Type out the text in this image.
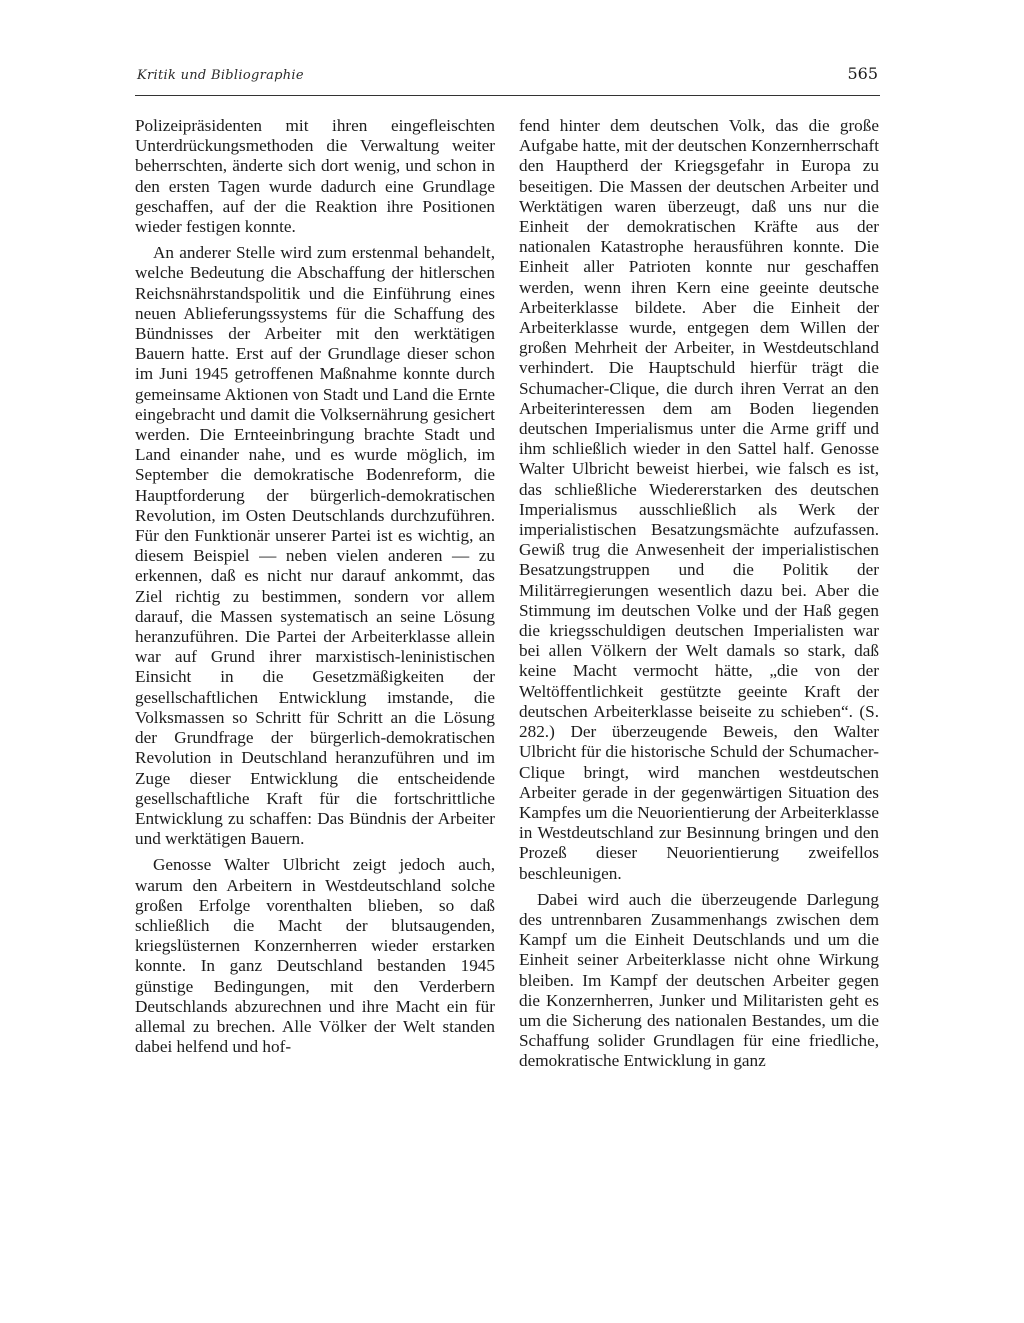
Kritik und Bibliographie	565

Polizeipräsidenten mit ihren eingefleischten Unterdrückungsmethoden die Verwaltung weiter beherrschten, änderte sich dort wenig, und schon in den ersten Tagen wurde dadurch eine Grundlage geschaffen, auf der die Reaktion ihre Positionen wieder festigen konnte.

An anderer Stelle wird zum erstenmal behandelt, welche Bedeutung die Abschaffung der hitlerschen Reichsnährstandspolitik und die Einführung eines neuen Ablieferungssystems für die Schaffung des Bündnisses der Arbeiter mit den werktätigen Bauern hatte. Erst auf der Grundlage dieser schon im Juni 1945 getroffenen Maßnahme konnte durch gemeinsame Aktionen von Stadt und Land die Ernte eingebracht und damit die Volksernährung gesichert werden. Die Ernteeinbringung brachte Stadt und Land einander nahe, und es wurde möglich, im September die demokratische Bodenreform, die Hauptforderung der bürgerlich-demokratischen Revolution, im Osten Deutschlands durchzuführen. Für den Funktionär unserer Partei ist es wichtig, an diesem Beispiel — neben vielen anderen — zu erkennen, daß es nicht nur darauf ankommt, das Ziel richtig zu bestimmen, sondern vor allem darauf, die Massen systematisch an seine Lösung heranzuführen. Die Partei der Arbeiterklasse allein war auf Grund ihrer marxistisch-leninistischen Einsicht in die Gesetzmäßigkeiten der gesellschaftlichen Entwicklung imstande, die Volksmassen so Schritt für Schritt an die Lösung der Grundfrage der bürgerlich-demokratischen Revolution in Deutschland heranzuführen und im Zuge dieser Entwicklung die entscheidende gesellschaftliche Kraft für die fortschrittliche Entwicklung zu schaffen: Das Bündnis der Arbeiter und werktätigen Bauern.

Genosse Walter Ulbricht zeigt jedoch auch, warum den Arbeitern in Westdeutschland solche großen Erfolge vorenthalten blieben, so daß schließlich die Macht der blutsaugenden, kriegslüsternen Konzernherren wieder erstarken konnte. In ganz Deutschland bestanden 1945 günstige Bedingungen, mit den Verderbern Deutschlands abzurechnen und ihre Macht ein für allemal zu brechen. Alle Völker der Welt standen dabei helfend und hof-

fend hinter dem deutschen Volk, das die große Aufgabe hatte, mit der deutschen Konzernherrschaft den Hauptherd der Kriegsgefahr in Europa zu beseitigen. Die Massen der deutschen Arbeiter und Werktätigen waren überzeugt, daß uns nur die Einheit der demokratischen Kräfte aus der nationalen Katastrophe herausführen konnte. Die Einheit aller Patrioten konnte nur geschaffen werden, wenn ihren Kern eine geeinte deutsche Arbeiterklasse bildete. Aber die Einheit der Arbeiterklasse wurde, entgegen dem Willen der großen Mehrheit der Arbeiter, in Westdeutschland verhindert. Die Hauptschuld hierfür trägt die Schumacher-Clique, die durch ihren Verrat an den Arbeiterinteressen dem am Boden liegenden deutschen Imperialismus unter die Arme griff und ihm schließlich wieder in den Sattel half. Genosse Walter Ulbricht beweist hierbei, wie falsch es ist, das schließliche Wiedererstarken des deutschen Imperialismus ausschließlich als Werk der imperialistischen Besatzungsmächte aufzufassen. Gewiß trug die Anwesenheit der imperialistischen Besatzungstruppen und die Politik der Militärregierungen wesentlich dazu bei. Aber die Stimmung im deutschen Volke und der Haß gegen die kriegsschuldigen deutschen Imperialisten war bei allen Völkern der Welt damals so stark, daß keine Macht vermocht hätte, „die von der Weltöffentlichkeit gestützte geeinte Kraft der deutschen Arbeiterklasse beiseite zu schieben“. (S. 282.) Der überzeugende Beweis, den Walter Ulbricht für die historische Schuld der Schumacher-Clique bringt, wird manchen westdeutschen Arbeiter gerade in der gegenwärtigen Situation des Kampfes um die Neuorientierung der Arbeiterklasse in Westdeutschland zur Besinnung bringen und den Prozeß dieser Neuorientierung zweifellos beschleunigen.

Dabei wird auch die überzeugende Darlegung des untrennbaren Zusammenhangs zwischen dem Kampf um die Einheit Deutschlands und um die Einheit seiner Arbeiterklasse nicht ohne Wirkung bleiben. Im Kampf der deutschen Arbeiter gegen die Konzernherren, Junker und Militaristen geht es um die Sicherung des nationalen Bestandes, um die Schaffung solider Grundlagen für eine friedliche, demokratische Entwicklung in ganz
